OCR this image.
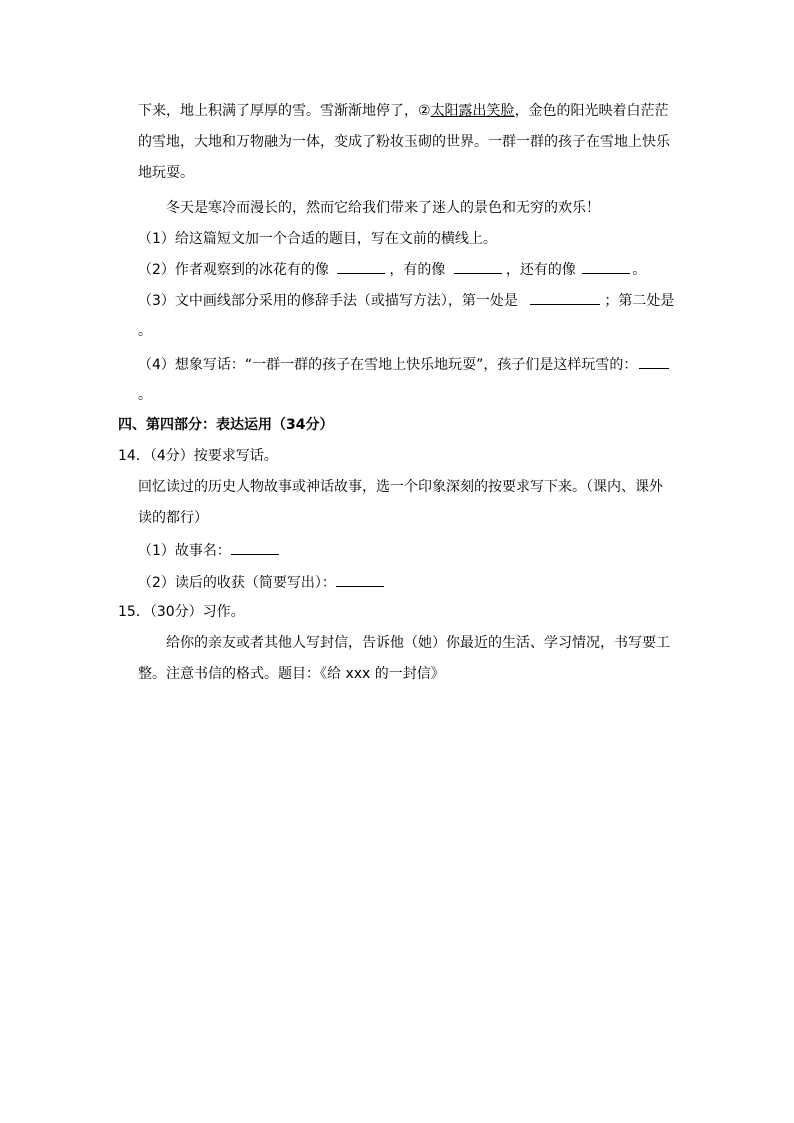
下来，地上积满了厚厚的雪。雪渐渐地停了，②太阳露出笑脸，金色的阳光映着白茫茫
的雪地，大地和万物融为一体，变成了粉妆玉砌的世界。一群一群的孩子在雪地上快乐
地玩耍。
冬天是寒冷而漫长的，然而它给我们带来了迷人的景色和无穷的欢乐！
（1）给这篇短文加一个合适的题目，写在文前的横线上。
（2）作者观察到的冰花有的像	，有的像	，还有的像	。
（3）文中画线部分采用的修辞手法（或描写方法），第一处是	；第二处是
。
（4）想象写话：“一群一群的孩子在雪地上快乐地玩耍”，孩子们是这样玩雪的：
。
四、第四部分：表达运用（34分）
14．（4分）按要求写话。
回忆读过的历史人物故事或神话故事，选一个印象深刻的按要求写下来。（课内、课外
读的都行）
（1）故事名：
（2）读后的收获（简要写出）：
15．（30分）习作。
给你的亲友或者其他人写封信，告诉他（她）你最近的生活、学习情况，书写要工
整。注意书信的格式。题目：《给 xxx 的一封信》
